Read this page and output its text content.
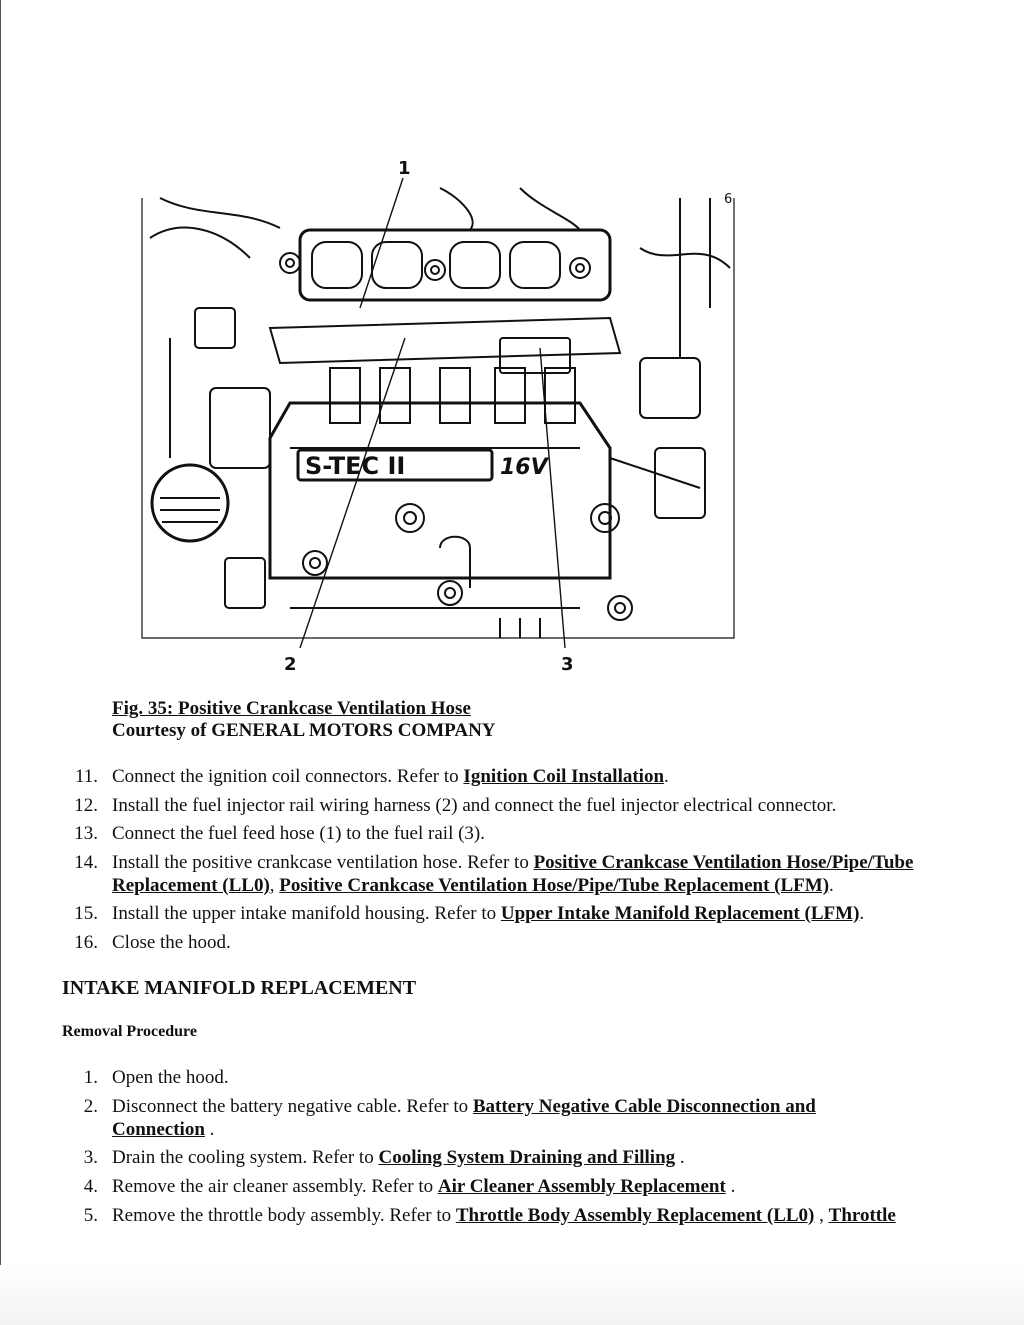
S-TEC II	16V
1
2	3
6
Fig. 35: Positive Crankcase Ventilation Hose
Courtesy of GENERAL MOTORS COMPANY
11. Connect the ignition coil connectors. Refer to Ignition Coil Installation.
12. Install the fuel injector rail wiring harness (2) and connect the fuel injector electrical connector.
13. Connect the fuel feed hose (1) to the fuel rail (3).
14. Install the positive crankcase ventilation hose. Refer to Positive Crankcase Ventilation Hose/Pipe/Tube
Replacement (LL0), Positive Crankcase Ventilation Hose/Pipe/Tube Replacement (LFM).
15. Install the upper intake manifold housing. Refer to Upper Intake Manifold Replacement (LFM).
16. Close the hood.
INTAKE MANIFOLD REPLACEMENT
Removal Procedure
1. Open the hood.
2. Disconnect the battery negative cable. Refer to Battery Negative Cable Disconnection and
Connection .
3. Drain the cooling system. Refer to Cooling System Draining and Filling .
4. Remove the air cleaner assembly. Refer to Air Cleaner Assembly Replacement .
5. Remove the throttle body assembly. Refer to Throttle Body Assembly Replacement (LL0) , Throttle
